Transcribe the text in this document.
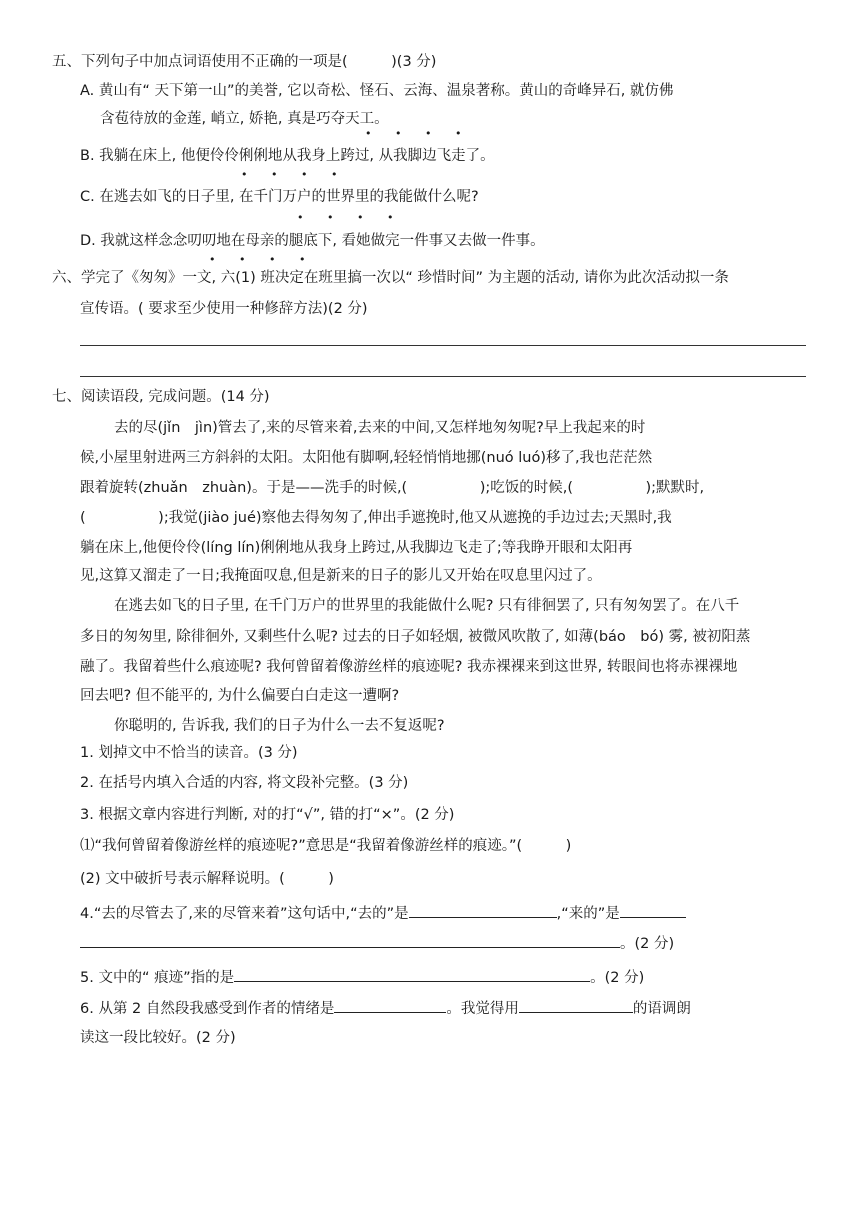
五、下列句子中加点词语使用不正确的一项是(　　　)(3 分)
A. 黄山有“ 天下第一山”的美誉, 它以奇松、怪石、云海、温泉著称。黄山的奇峰异石, 就仿佛
含苞待放的金莲, 峭立, 娇艳, 真是巧夺天工。
• • • •
B. 我躺在床上, 他便伶伶俐俐地从我身上跨过, 从我脚边飞走了。
• • • •
C. 在逃去如飞的日子里, 在千门万户的世界里的我能做什么呢?
• • • •
D. 我就这样念念叨叨地在母亲的腿底下, 看她做完一件事又去做一件事。
• • • •
六、学完了《匆匆》一文, 六(1) 班决定在班里搞一次以“ 珍惜时间” 为主题的活动, 请你为此次活动拟一条
宣传语。( 要求至少使用一种修辞方法)(2 分)
七、阅读语段, 完成问题。(14 分)
去的尽(jǐn　jìn)管去了,来的尽管来着,去来的中间,又怎样地匆匆呢?早上我起来的时
候,小屋里射进两三方斜斜的太阳。太阳他有脚啊,轻轻悄悄地挪(nuó luó)移了,我也茫茫然
跟着旋转(zhuǎn　zhuàn)。于是——洗手的时候,(　　　　　);吃饭的时候,(　　　　　);默默时,
(　　　　　);我觉(jiào jué)察他去得匆匆了,伸出手遮挽时,他又从遮挽的手边过去;天黑时,我
躺在床上,他便伶伶(líng lín)俐俐地从我身上跨过,从我脚边飞走了;等我睁开眼和太阳再
见,这算又溜走了一日;我掩面叹息,但是新来的日子的影儿又开始在叹息里闪过了。
在逃去如飞的日子里, 在千门万户的世界里的我能做什么呢? 只有徘徊罢了, 只有匆匆罢了。在八千
多日的匆匆里, 除徘徊外, 又剩些什么呢? 过去的日子如轻烟, 被微风吹散了, 如薄(báo　bó) 雾, 被初阳蒸
融了。我留着些什么痕迹呢? 我何曾留着像游丝样的痕迹呢? 我赤裸裸来到这世界, 转眼间也将赤裸裸地
回去吧? 但不能平的, 为什么偏要白白走这一遭啊?
你聪明的, 告诉我, 我们的日子为什么一去不复返呢?
1. 划掉文中不恰当的读音。(3 分)
2. 在括号内填入合适的内容, 将文段补完整。(3 分)
3. 根据文章内容进行判断, 对的打“√”, 错的打“×”。(2 分)
⑴“我何曾留着像游丝样的痕迹呢?”意思是“我留着像游丝样的痕迹。”(　　　)
(2) 文中破折号表示解释说明。(　　　)
4.“去的尽管去了,来的尽管来着”这句话中,“去的”是	,“来的”是
。(2 分)
5. 文中的“ 痕迹”指的是	。(2 分)
6. 从第 2 自然段我感受到作者的情绪是	。我觉得用	的语调朗
读这一段比较好。(2 分)
